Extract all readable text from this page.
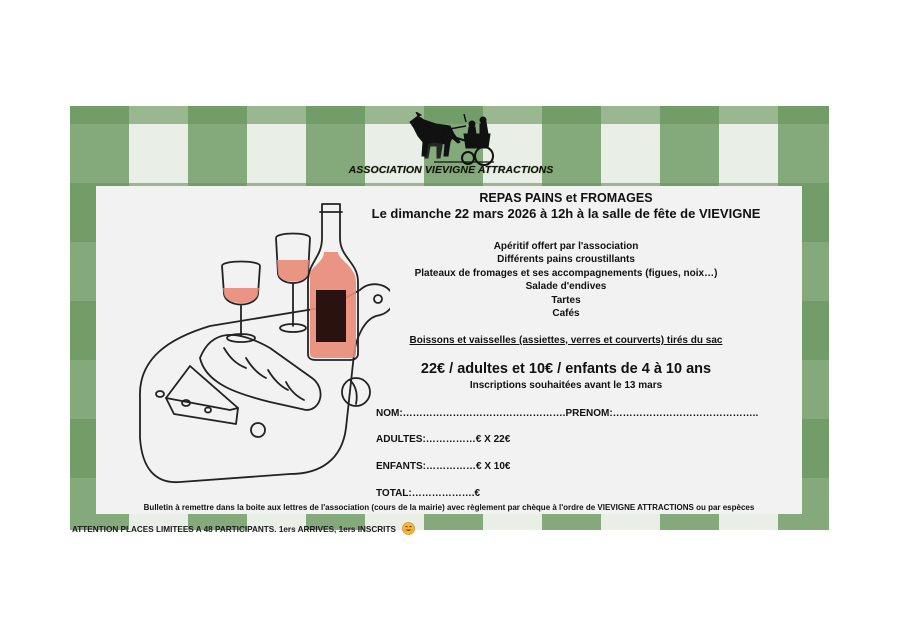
ASSOCIATION VIEVIGNE ATTRACTIONS
REPAS PAINS et FROMAGES
Le dimanche 22 mars 2026 à 12h à la salle de fête de VIEVIGNE
Apéritif offert par l'association
Différents pains croustillants
Plateaux de fromages et ses accompagnements (figues, noix…)
Salade d'endives
Tartes
Cafés
Boissons et vaisselles (assiettes, verres et courverts) tirés du sac
22€ / adultes et 10€ / enfants de 4 à 10 ans
Inscriptions souhaitées avant le 13 mars
NOM:………………………………………….PRENOM:……………………………………..
ADULTES:……………€ X 22€
ENFANTS:……………€ X 10€
TOTAL:……………….€
Bulletin à remettre dans la boite aux lettres de l'association (cours de la mairie) avec règlement par chèque à l'ordre de VIEVIGNE ATTRACTIONS ou par espèces
ATTENTION PLACES LIMITEES A 48 PARTICIPANTS. 1ers ARRIVES, 1ers INSCRITS
